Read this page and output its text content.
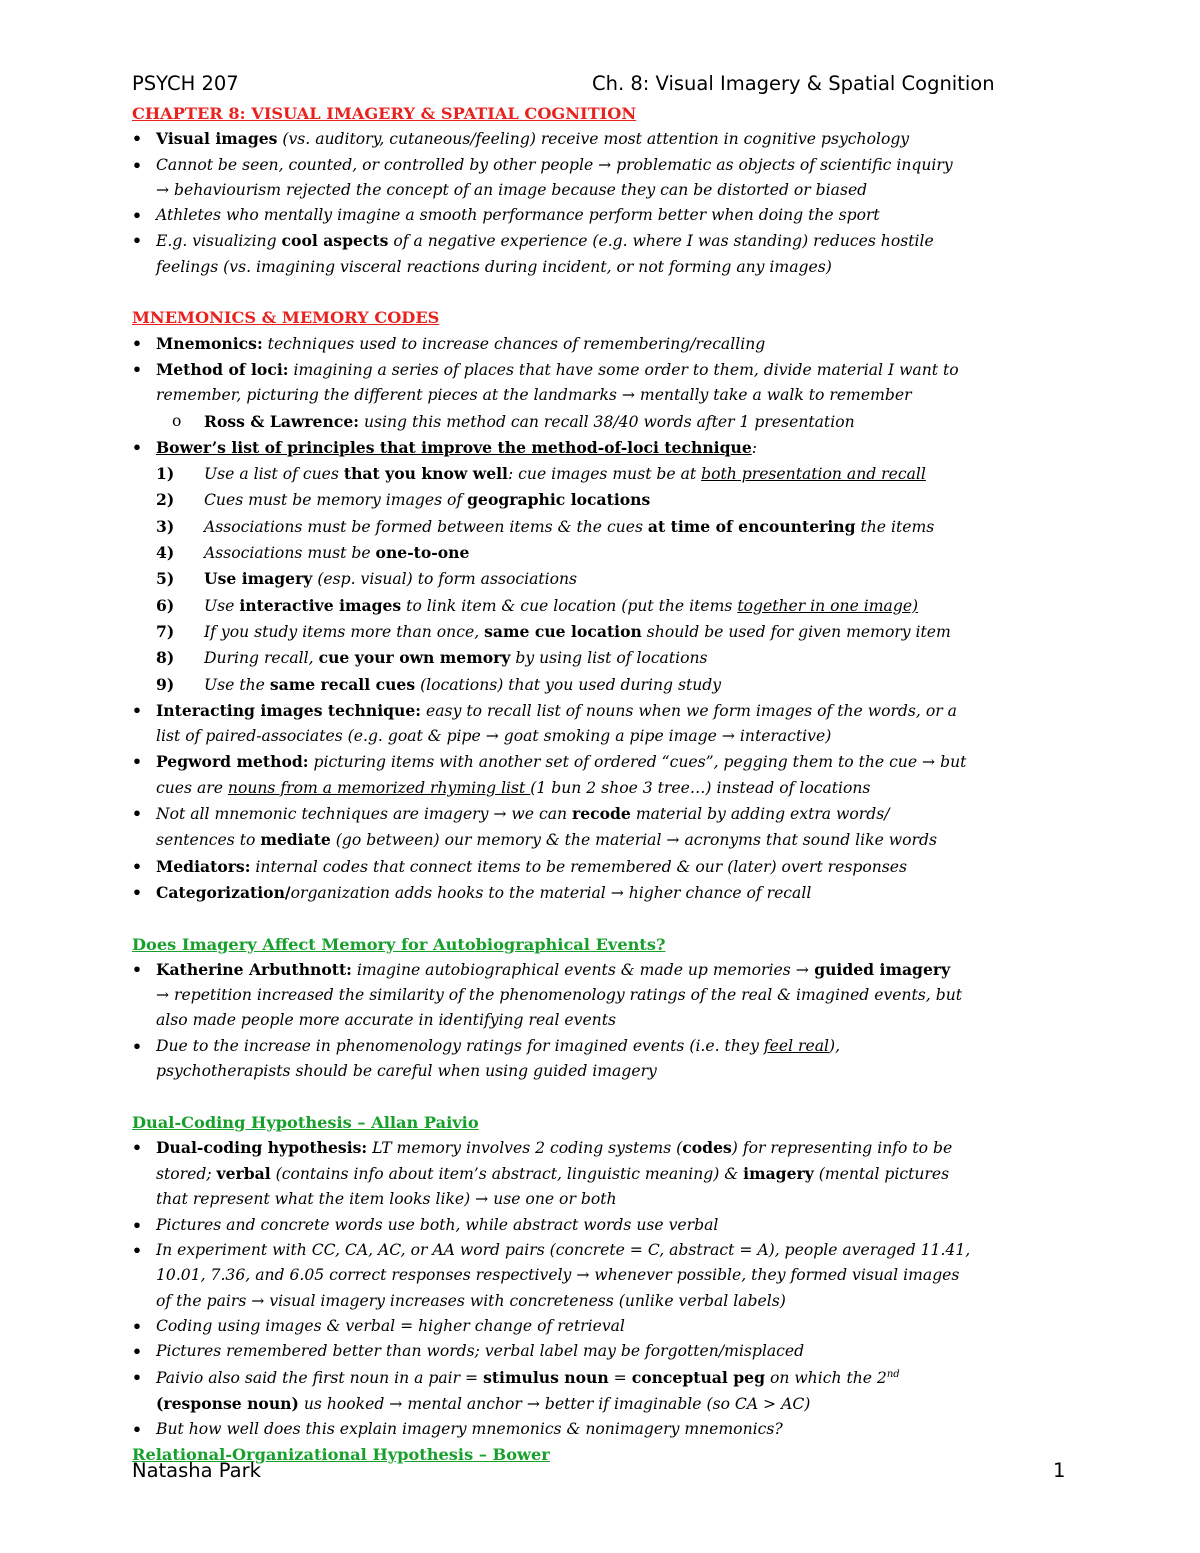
PSYCH 207	Ch. 8: Visual Imagery & Spatial Cognition
CHAPTER 8: VISUAL IMAGERY & SPATIAL COGNITION
• Visual images (vs. auditory, cutaneous/feeling) receive most attention in cognitive psychology
• Cannot be seen, counted, or controlled by other people → problematic as objects of scientific inquiry
→ behaviourism rejected the concept of an image because they can be distorted or biased
• Athletes who mentally imagine a smooth performance perform better when doing the sport
• E.g. visualizing cool aspects of a negative experience (e.g. where I was standing) reduces hostile
feelings (vs. imagining visceral reactions during incident, or not forming any images)
MNEMONICS & MEMORY CODES
• Mnemonics: techniques used to increase chances of remembering/recalling
• Method of loci: imagining a series of places that have some order to them, divide material I want to
remember, picturing the different pieces at the landmarks → mentally take a walk to remember
o	Ross & Lawrence: using this method can recall 38/40 words after 1 presentation
• Bower’s list of principles that improve the method-of-loci technique:
1)	Use a list of cues that you know well: cue images must be at both presentation and recall
2)	Cues must be memory images of geographic locations
3)	Associations must be formed between items & the cues at time of encountering the items
4)	Associations must be one-to-one
5)	Use imagery (esp. visual) to form associations
6)	Use interactive images to link item & cue location (put the items together in one image)
7)	If you study items more than once, same cue location should be used for given memory item
8)	During recall, cue your own memory by using list of locations
9)	Use the same recall cues (locations) that you used during study
• Interacting images technique: easy to recall list of nouns when we form images of the words, or a
list of paired-associates (e.g. goat & pipe → goat smoking a pipe image → interactive)
• Pegword method: picturing items with another set of ordered “cues”, pegging them to the cue → but
cues are nouns from a memorized rhyming list (1 bun 2 shoe 3 tree…) instead of locations
• Not all mnemonic techniques are imagery → we can recode material by adding extra words/
sentences to mediate (go between) our memory & the material → acronyms that sound like words
• Mediators: internal codes that connect items to be remembered & our (later) overt responses
• Categorization/organization adds hooks to the material → higher chance of recall
Does Imagery Affect Memory for Autobiographical Events?
• Katherine Arbuthnott: imagine autobiographical events & made up memories → guided imagery
→ repetition increased the similarity of the phenomenology ratings of the real & imagined events, but
also made people more accurate in identifying real events
• Due to the increase in phenomenology ratings for imagined events (i.e. they feel real),
psychotherapists should be careful when using guided imagery
Dual-Coding Hypothesis – Allan Paivio
• Dual-coding hypothesis: LT memory involves 2 coding systems (codes) for representing info to be
stored; verbal (contains info about item’s abstract, linguistic meaning) & imagery (mental pictures
that represent what the item looks like) → use one or both
• Pictures and concrete words use both, while abstract words use verbal
• In experiment with CC, CA, AC, or AA word pairs (concrete = C, abstract = A), people averaged 11.41,
10.01, 7.36, and 6.05 correct responses respectively → whenever possible, they formed visual images
of the pairs → visual imagery increases with concreteness (unlike verbal labels)
• Coding using images & verbal = higher change of retrieval
• Pictures remembered better than words; verbal label may be forgotten/misplaced
• Paivio also said the first noun in a pair = stimulus noun = conceptual peg on which the 2nd
(response noun) us hooked → mental anchor → better if imaginable (so CA > AC)
• But how well does this explain imagery mnemonics & nonimagery mnemonics?
Relational-Organizational Hypothesis – Bower
Natasha Park	1
